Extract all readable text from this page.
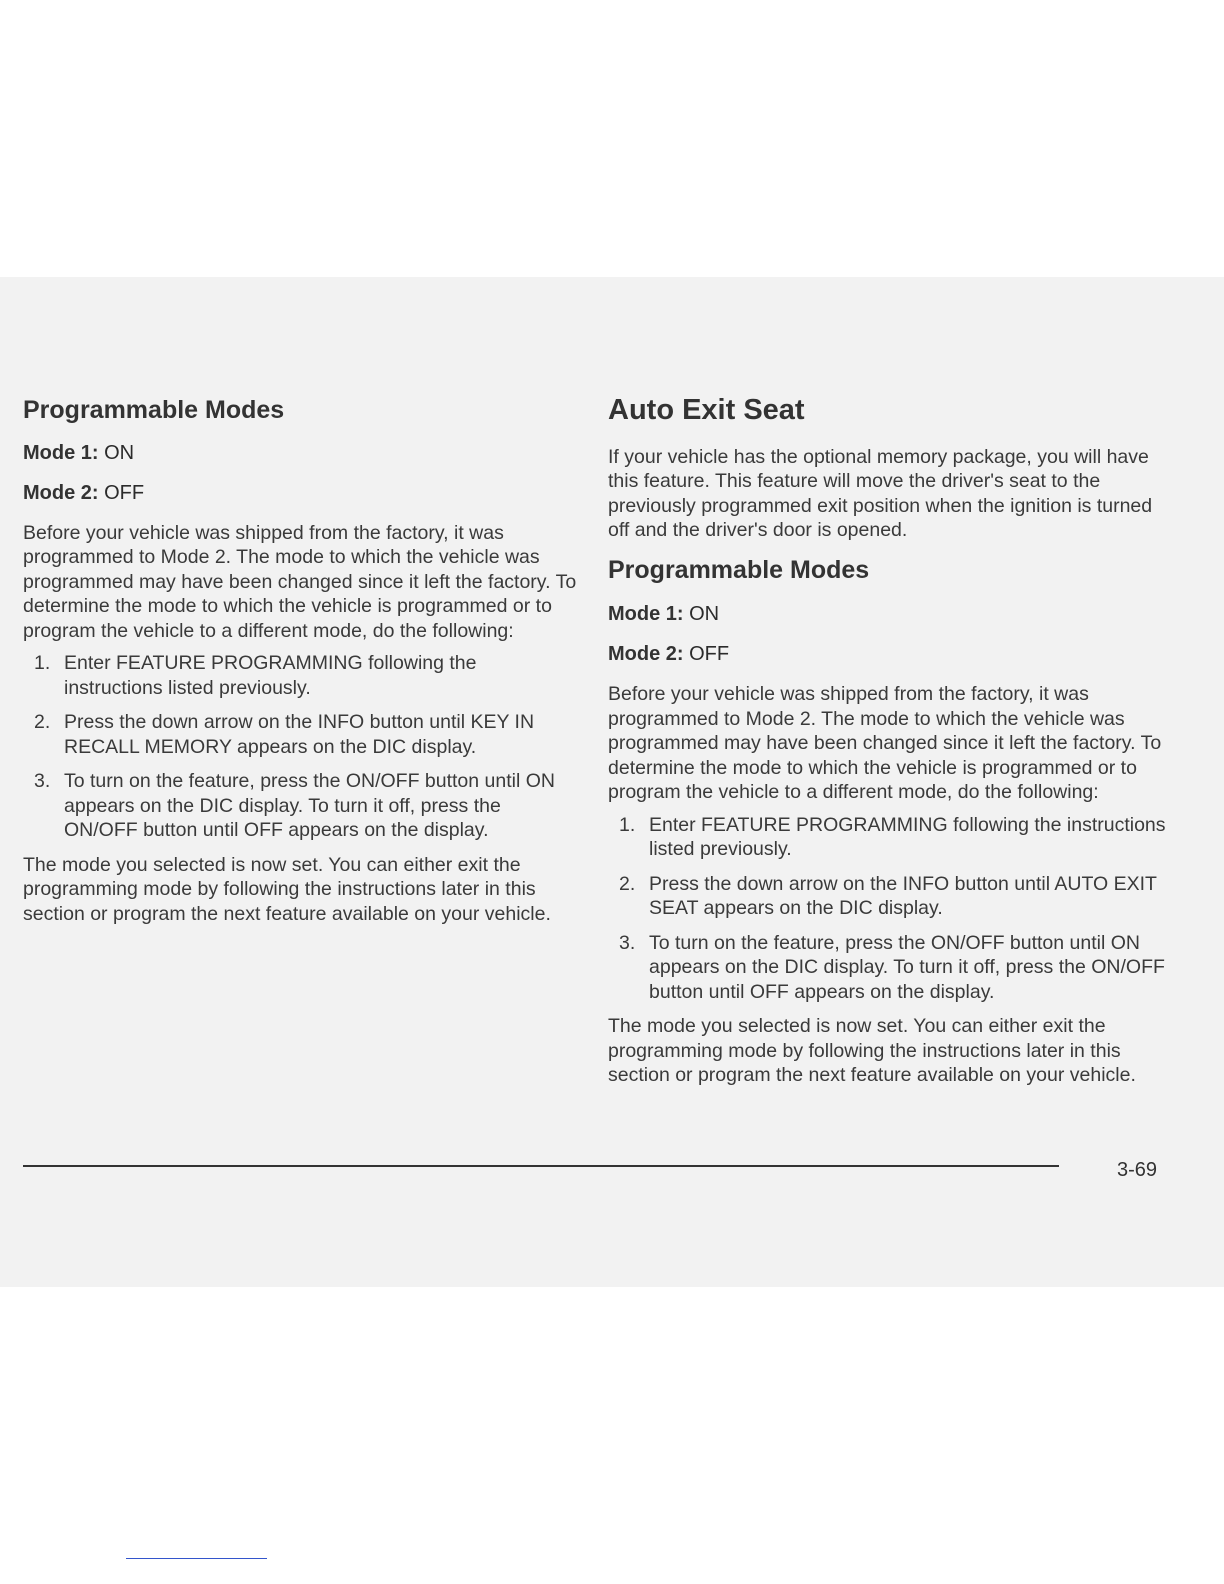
Programmable Modes
Mode 1: ON
Mode 2: OFF

Before your vehicle was shipped from the factory, it was programmed to Mode 2. The mode to which the vehicle was programmed may have been changed since it left the factory. To determine the mode to which the vehicle is programmed or to program the vehicle to a different mode, do the following:

1. Enter FEATURE PROGRAMMING following the instructions listed previously.
2. Press the down arrow on the INFO button until KEY IN RECALL MEMORY appears on the DIC display.
3. To turn on the feature, press the ON/OFF button until ON appears on the DIC display. To turn it off, press the ON/OFF button until OFF appears on the display.

The mode you selected is now set. You can either exit the programming mode by following the instructions later in this section or program the next feature available on your vehicle.

Auto Exit Seat

If your vehicle has the optional memory package, you will have this feature. This feature will move the driver's seat to the previously programmed exit position when the ignition is turned off and the driver's door is opened.

Programmable Modes
Mode 1: ON
Mode 2: OFF

Before your vehicle was shipped from the factory, it was programmed to Mode 2. The mode to which the vehicle was programmed may have been changed since it left the factory. To determine the mode to which the vehicle is programmed or to program the vehicle to a different mode, do the following:

1. Enter FEATURE PROGRAMMING following the instructions listed previously.
2. Press the down arrow on the INFO button until AUTO EXIT SEAT appears on the DIC display.
3. To turn on the feature, press the ON/OFF button until ON appears on the DIC display. To turn it off, press the ON/OFF button until OFF appears on the display.

The mode you selected is now set. You can either exit the programming mode by following the instructions later in this section or program the next feature available on your vehicle.

3-69
